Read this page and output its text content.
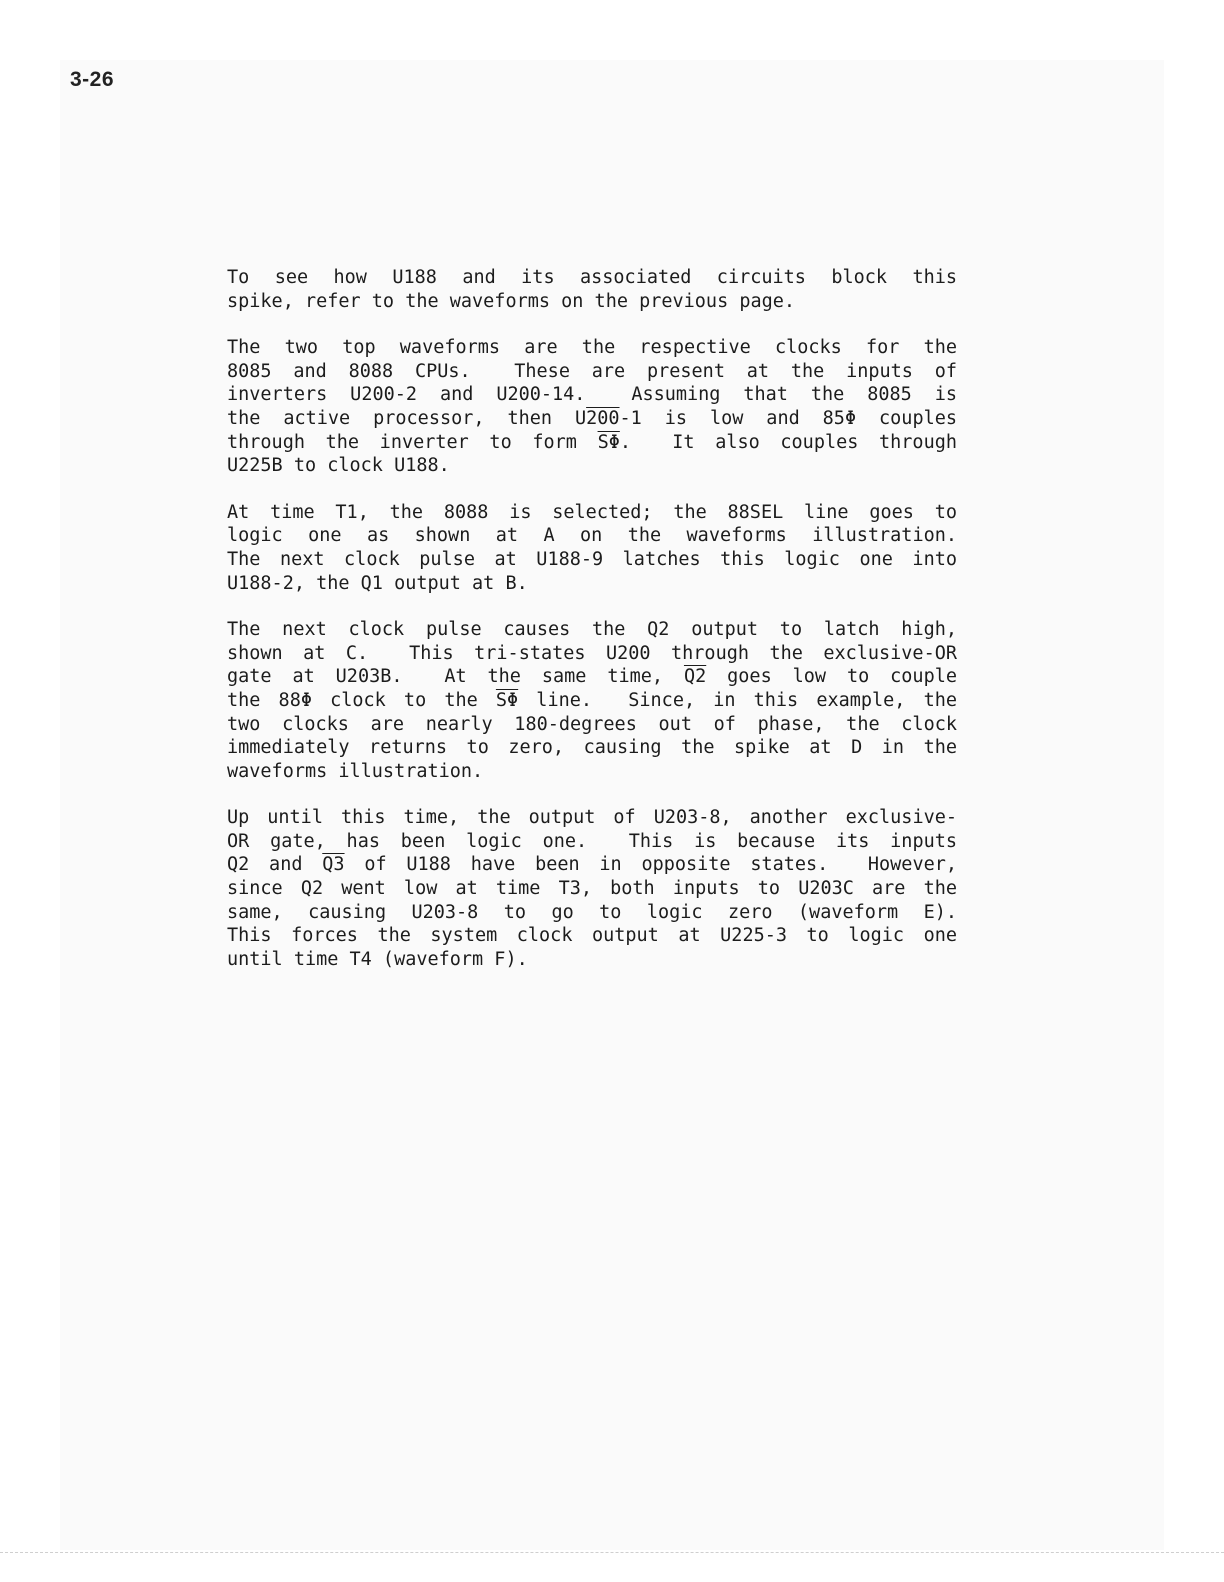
3-26
To see how U188 and its associated circuits block this
spike, refer to the waveforms on the previous page.
The two top waveforms are the respective clocks for the
8085 and 8088 CPUs.  These are present at the inputs of
inverters U200-2 and U200-14.  Assuming that the 8085 is
the active processor, then U200-1 is low and 85Φ couples
through the inverter to form $\overline{S\Phi}$.  It also couples through
U225B to clock U188.
At time T1, the 8088 is selected; the 88SEL line goes to
logic one as shown at A on the waveforms illustration.
The next clock pulse at U188-9 latches this logic one into
U188-2, the Q1 output at B.
The next clock pulse causes the Q2 output to latch high,
shown at C.  This tri-states U200 through the exclusive-OR
gate at U203B.  At the same time, Q2 goes low to couple
the 88Φ clock to the $\overline{S\Phi}$ line.  Since, in this example, the
two clocks are nearly 180-degrees out of phase, the clock
immediately returns to zero, causing the spike at D in the
waveforms illustration.
Up until this time, the output of U203-8, another exclusive-
OR gate, has been logic one.  This is because its inputs
Q2 and Q3 of U188 have been in opposite states.  However,
since Q2 went low at time T3, both inputs to U203C are the
same, causing U203-8 to go to logic zero (waveform E).
This forces the system clock output at U225-3 to logic one
until time T4 (waveform F).
